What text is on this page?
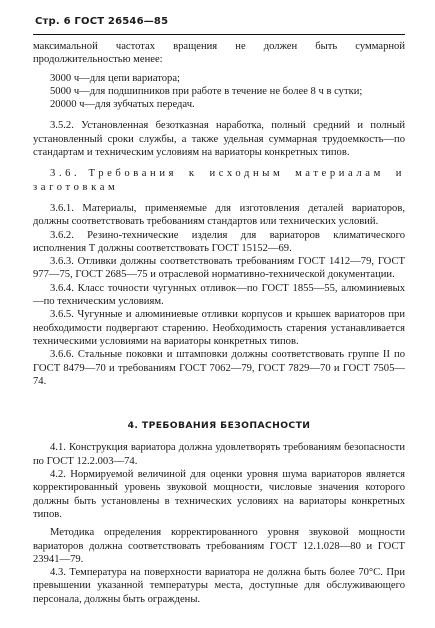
Стр. 6 ГОСТ 26546—85

максимальной частотах вращения не должен быть суммарной продолжительностью менее:

3000 ч—для цепи вариатора;

5000 ч—для подшипников при работе в течение не более 8 ч в сутки;

20000 ч—для зубчатых передач.

3.5.2. Установленная безотказная наработка, полный средний и полный установленный сроки службы, а также удельная суммарная трудоемкость—по стандартам и техническим условиям на вариаторы конкретных типов.

3.6. Требования к исходным материалам и заготовкам

3.6.1. Материалы, применяемые для изготовления деталей вариаторов, должны соответствовать требованиям стандартов или технических условий.

3.6.2. Резино-технические изделия для вариаторов климатического исполнения Т должны соответствовать ГОСТ 15152—69.

3.6.3. Отливки должны соответствовать требованиям ГОСТ 1412—79, ГОСТ 977—75, ГОСТ 2685—75 и отраслевой нормативно-технической документации.

3.6.4. Класс точности чугунных отливок—по ГОСТ 1855—55, алюминиевых—по техническим условиям.

3.6.5. Чугунные и алюминиевые отливки корпусов и крышек вариаторов при необходимости подвергают старению. Необходимость старения устанавливается техническими условиями на вариаторы конкретных типов.

3.6.6. Стальные поковки и штамповки должны соответствовать группе II по ГОСТ 8479—70 и требованиям ГОСТ 7062—79, ГОСТ 7829—70 и ГОСТ 7505—74.

4. ТРЕБОВАНИЯ БЕЗОПАСНОСТИ

4.1. Конструкция вариатора должна удовлетворять требованиям безопасности по ГОСТ 12.2.003—74.

4.2. Нормируемой величиной для оценки уровня шума вариаторов является корректированный уровень звуковой мощности, числовые значения которого должны быть установлены в технических условиях на вариаторы конкретных типов.

Методика определения корректированного уровня звуковой мощности вариаторов должна соответствовать требованиям ГОСТ 12.1.028—80 и ГОСТ 23941—79.

4.3. Температура на поверхности вариатора не должна быть более 70°С. При превышении указанной температуры места, доступные для обслуживающего персонала, должны быть ограждены.
